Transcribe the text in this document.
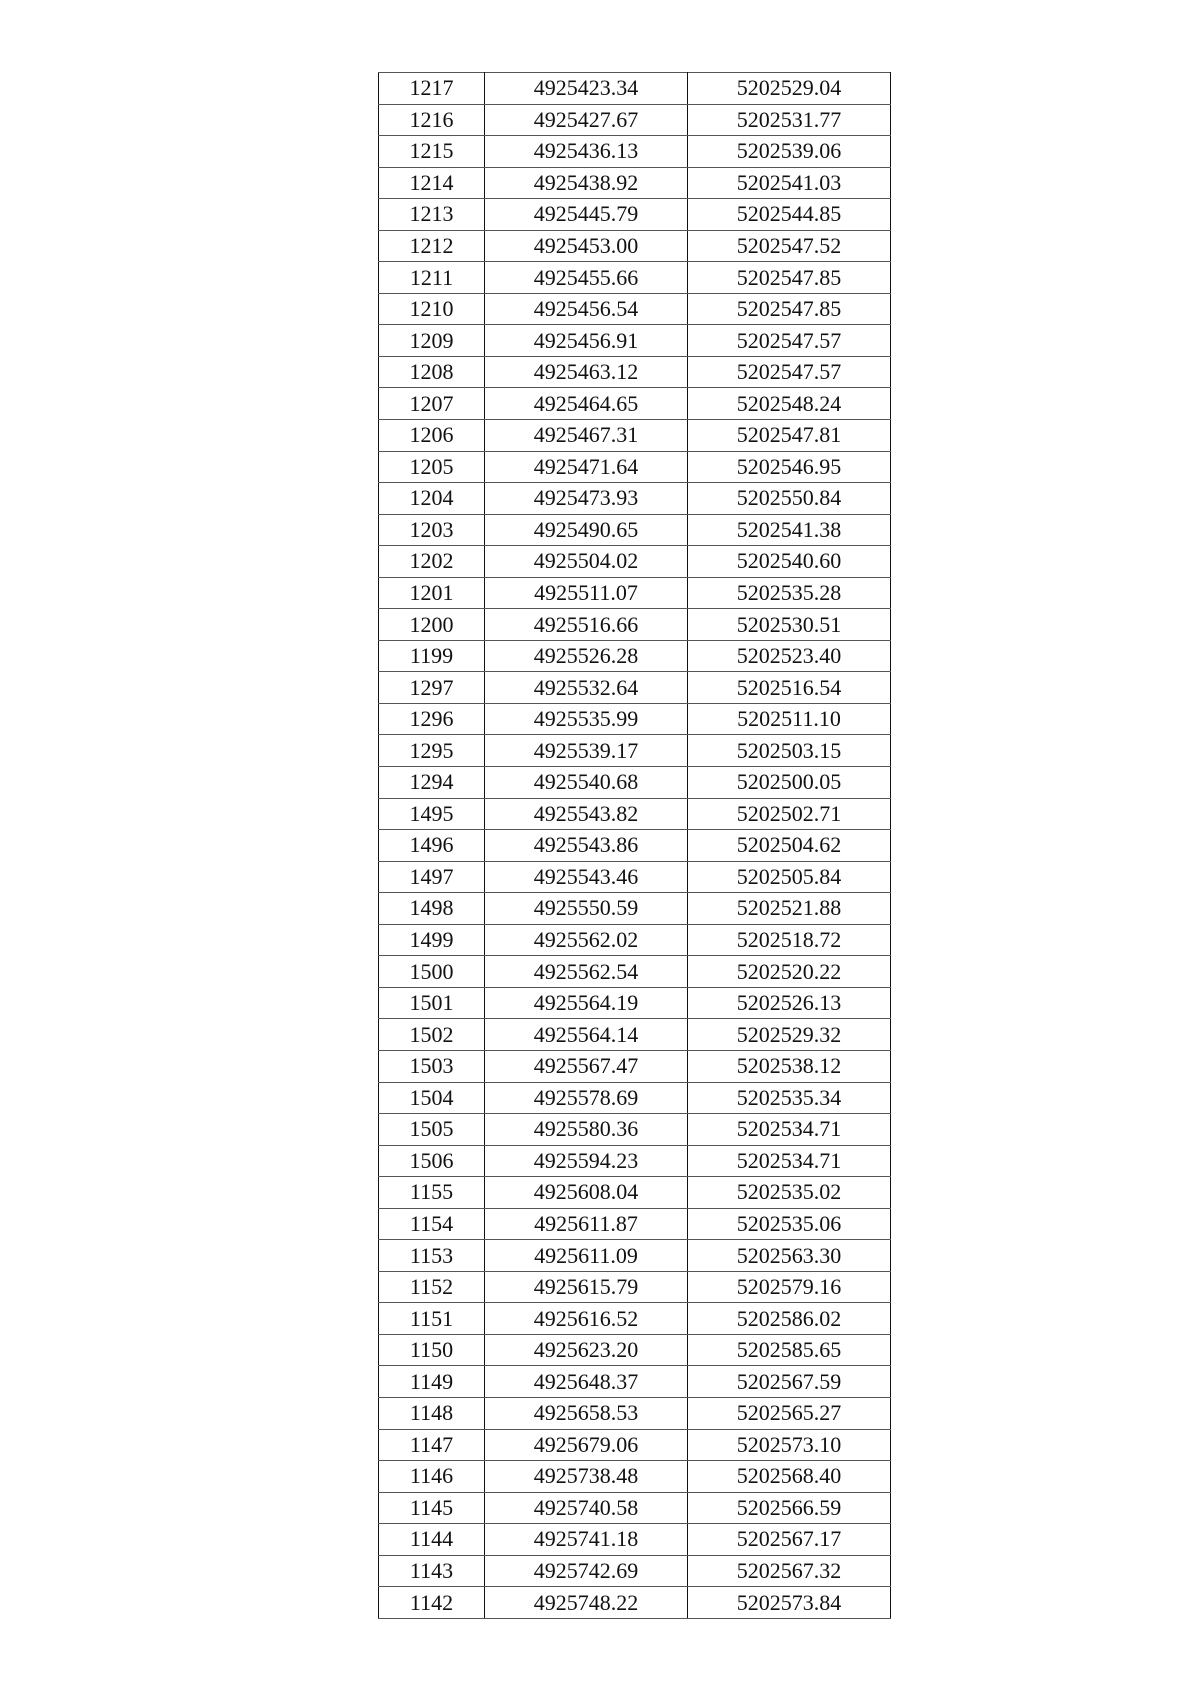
1217	4925423.34	5202529.04
1216	4925427.67	5202531.77
1215	4925436.13	5202539.06
1214	4925438.92	5202541.03
1213	4925445.79	5202544.85
1212	4925453.00	5202547.52
1211	4925455.66	5202547.85
1210	4925456.54	5202547.85
1209	4925456.91	5202547.57
1208	4925463.12	5202547.57
1207	4925464.65	5202548.24
1206	4925467.31	5202547.81
1205	4925471.64	5202546.95
1204	4925473.93	5202550.84
1203	4925490.65	5202541.38
1202	4925504.02	5202540.60
1201	4925511.07	5202535.28
1200	4925516.66	5202530.51
1199	4925526.28	5202523.40
1297	4925532.64	5202516.54
1296	4925535.99	5202511.10
1295	4925539.17	5202503.15
1294	4925540.68	5202500.05
1495	4925543.82	5202502.71
1496	4925543.86	5202504.62
1497	4925543.46	5202505.84
1498	4925550.59	5202521.88
1499	4925562.02	5202518.72
1500	4925562.54	5202520.22
1501	4925564.19	5202526.13
1502	4925564.14	5202529.32
1503	4925567.47	5202538.12
1504	4925578.69	5202535.34
1505	4925580.36	5202534.71
1506	4925594.23	5202534.71
1155	4925608.04	5202535.02
1154	4925611.87	5202535.06
1153	4925611.09	5202563.30
1152	4925615.79	5202579.16
1151	4925616.52	5202586.02
1150	4925623.20	5202585.65
1149	4925648.37	5202567.59
1148	4925658.53	5202565.27
1147	4925679.06	5202573.10
1146	4925738.48	5202568.40
1145	4925740.58	5202566.59
1144	4925741.18	5202567.17
1143	4925742.69	5202567.32
1142	4925748.22	5202573.84
